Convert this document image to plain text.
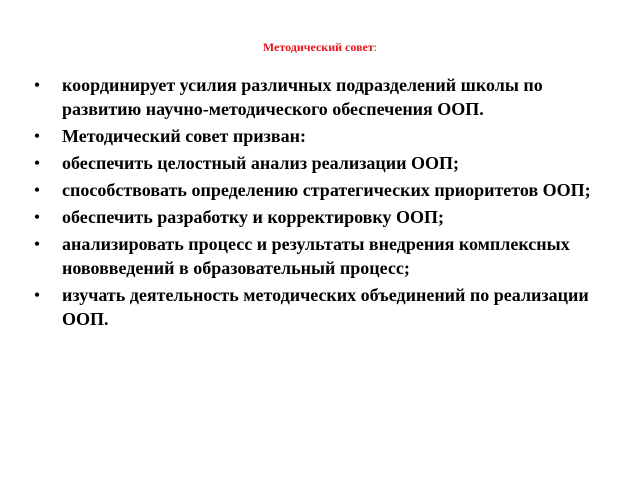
Методический совет:
• координирует усилия различных подразделений школы по развитию научно-методического обеспечения ООП.
• Методический совет призван:
• обеспечить целостный анализ реализации ООП;
• способствовать определению стратегических приоритетов ООП;
• обеспечить разработку и корректировку ООП;
• анализировать процесс и результаты внедрения комплексных нововведений в образовательный процесс;
• изучать деятельность методических объединений по реализации ООП.
